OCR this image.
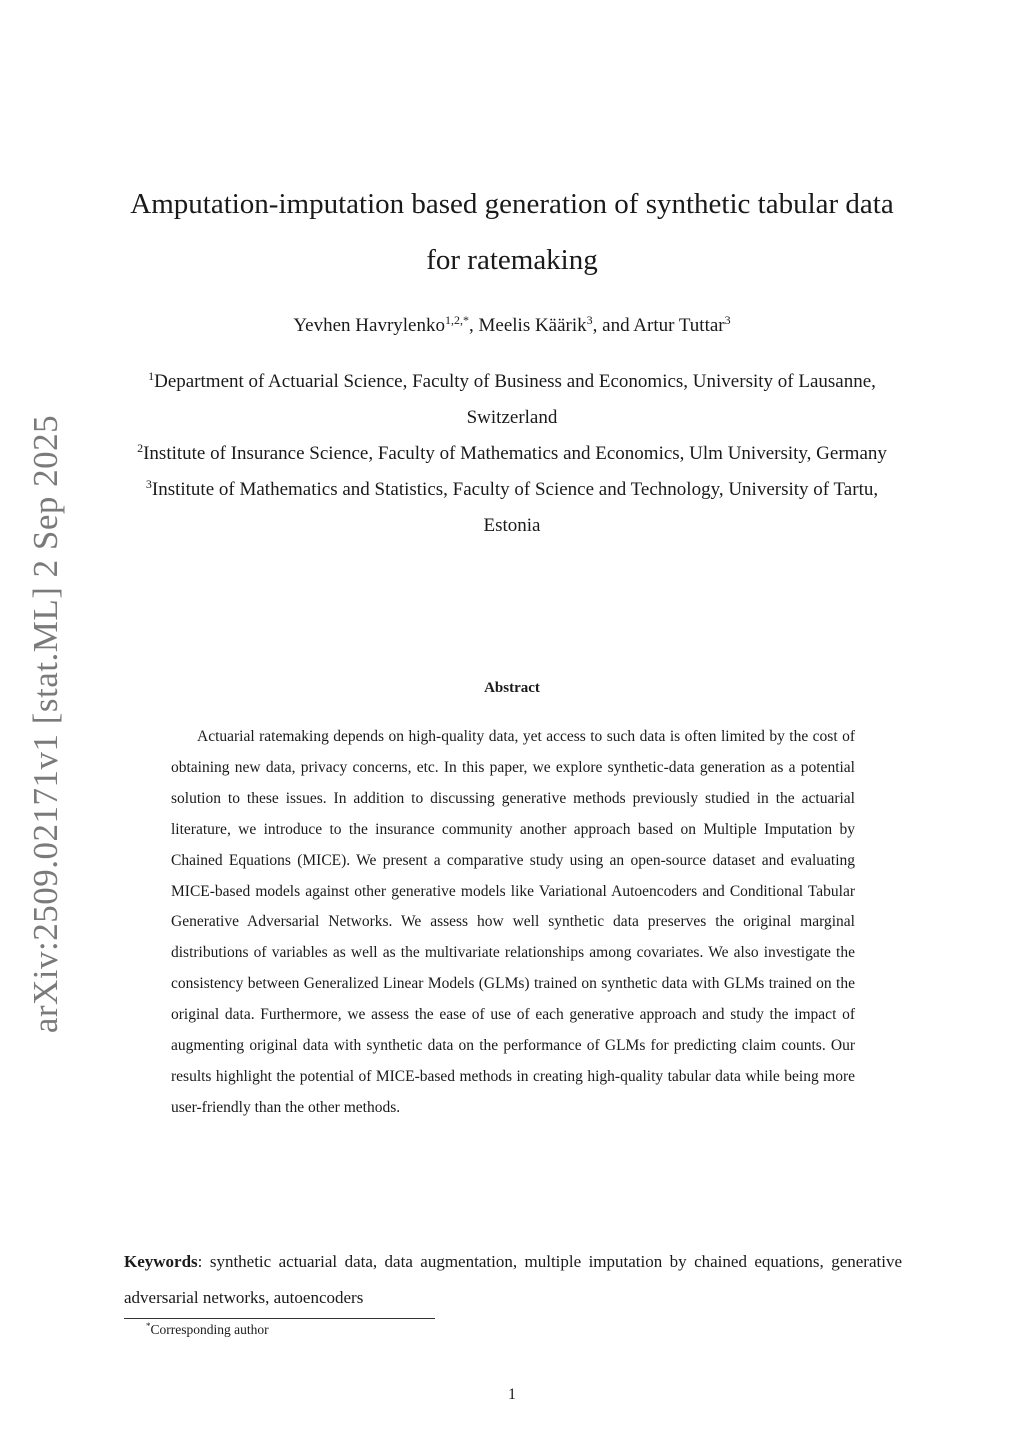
arXiv:2509.02171v1 [stat.ML] 2 Sep 2025
Amputation-imputation based generation of synthetic tabular data for ratemaking
Yevhen Havrylenko$^{1,2,*}$, Meelis Käärik$^3$, and Artur Tuttar$^3$
$^1$Department of Actuarial Science, Faculty of Business and Economics, University of Lausanne, Switzerland
$^2$Institute of Insurance Science, Faculty of Mathematics and Economics, Ulm University, Germany
$^3$Institute of Mathematics and Statistics, Faculty of Science and Technology, University of Tartu, Estonia
Abstract

Actuarial ratemaking depends on high-quality data, yet access to such data is often limited by the cost of obtaining new data, privacy concerns, etc. In this paper, we explore synthetic-data generation as a potential solution to these issues. In addition to discussing generative methods previously studied in the actuarial literature, we introduce to the insurance community another approach based on Multiple Imputation by Chained Equations (MICE). We present a comparative study using an open-source dataset and evaluating MICE-based models against other generative models like Variational Autoencoders and Conditional Tabular Generative Adversarial Networks. We assess how well synthetic data preserves the original marginal distributions of variables as well as the multivariate relationships among covariates. We also investigate the consistency between Generalized Linear Models (GLMs) trained on synthetic data with GLMs trained on the original data. Furthermore, we assess the ease of use of each generative approach and study the impact of augmenting original data with synthetic data on the performance of GLMs for predicting claim counts. Our results highlight the potential of MICE-based methods in creating high-quality tabular data while being more user-friendly than the other methods.

Keywords: synthetic actuarial data, data augmentation, multiple imputation by chained equations, generative adversarial networks, autoencoders
*Corresponding author
1
